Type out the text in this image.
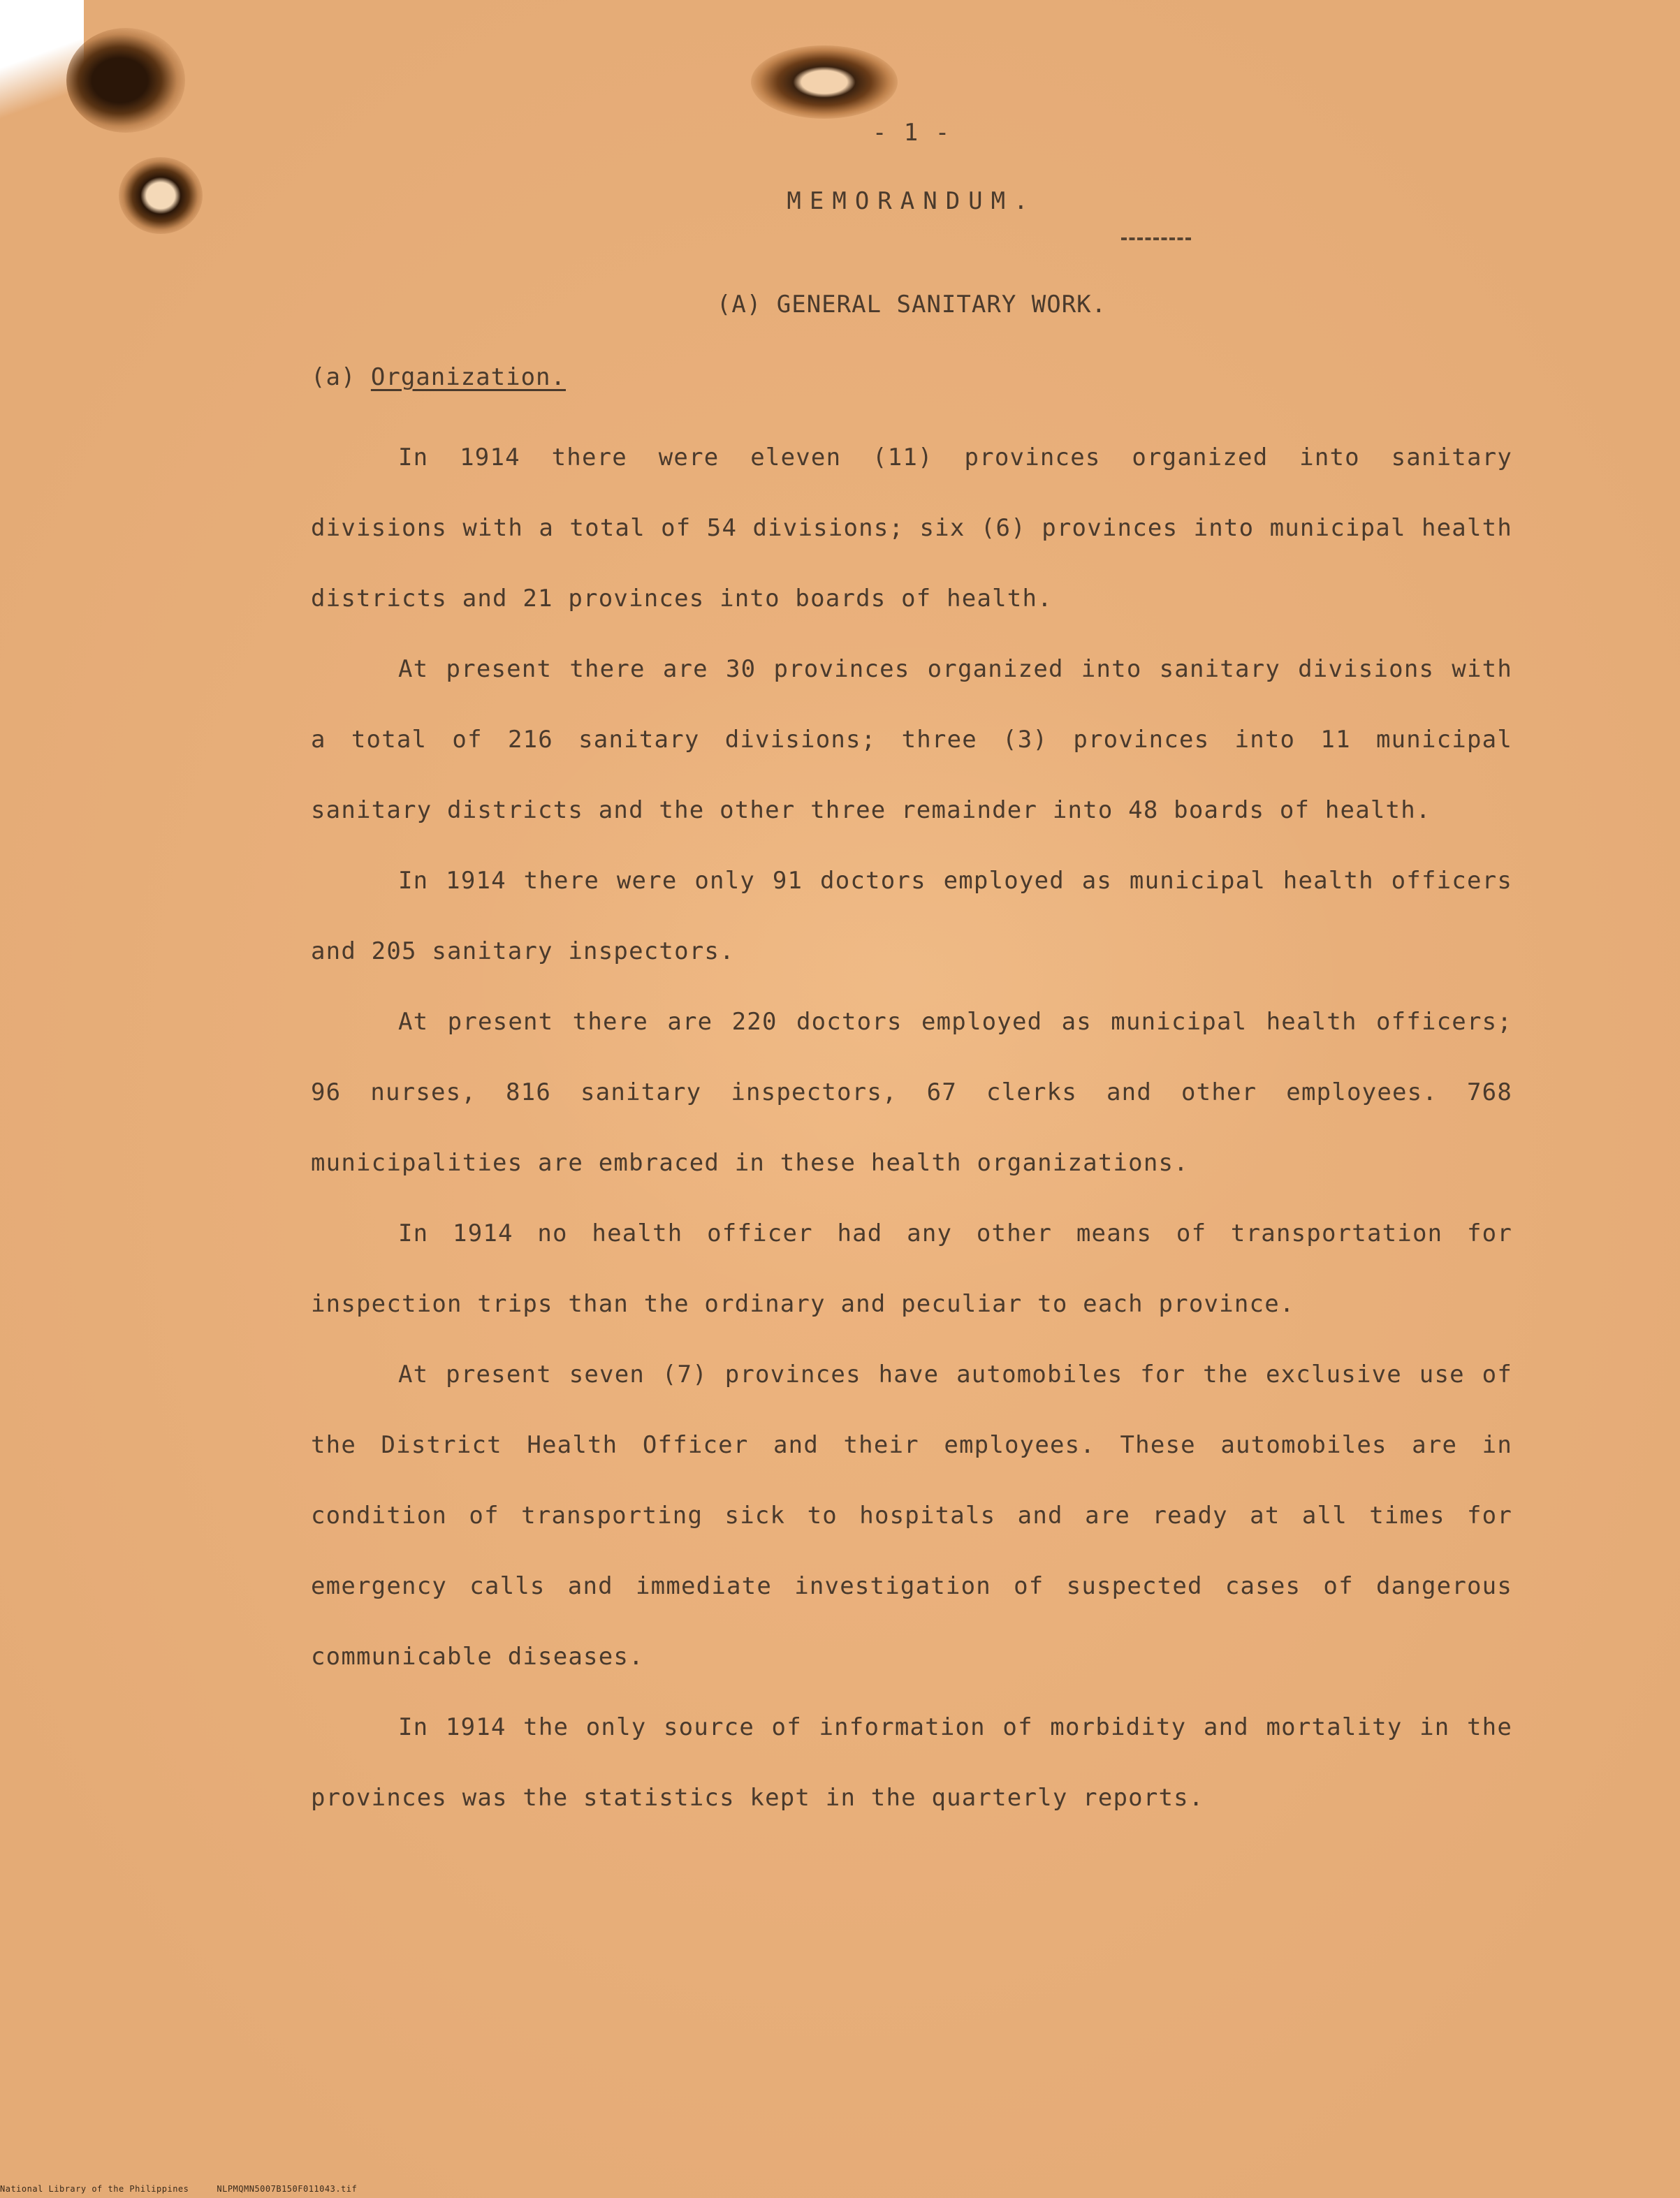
- 1 -
MEMORANDUM.
(A) GENERAL SANITARY WORK.
(a) Organization.

In 1914 there were eleven (11) provinces organized into sanitary divisions with a total of 54 divisions; six (6) provinces into municipal health districts and 21 provinces into boards of health.

At present there are 30 provinces organized into sanitary divisions with a total of 216 sanitary divisions; three (3) provinces into 11 municipal sanitary districts and the other three remainder into 48 boards of health.

In 1914 there were only 91 doctors employed as municipal health officers and 205 sanitary inspectors.

At present there are 220 doctors employed as municipal health officers; 96 nurses, 816 sanitary inspectors, 67 clerks and other employees. 768 municipalities are embraced in these health organizations.

In 1914 no health officer had any other means of transportation for inspection trips than the ordinary and peculiar to each province.

At present seven (7) provinces have automobiles for the exclusive use of the District Health Officer and their employees. These automobiles are in condition of transporting sick to hospitals and are ready at all times for emergency calls and immediate investigation of suspected cases of dangerous communicable diseases.

In 1914 the only source of information of morbidity and mortality in the provinces was the statistics kept in the quarterly reports.

National Library of the Philippines	NLPMQMN5007B150F011043.tif
